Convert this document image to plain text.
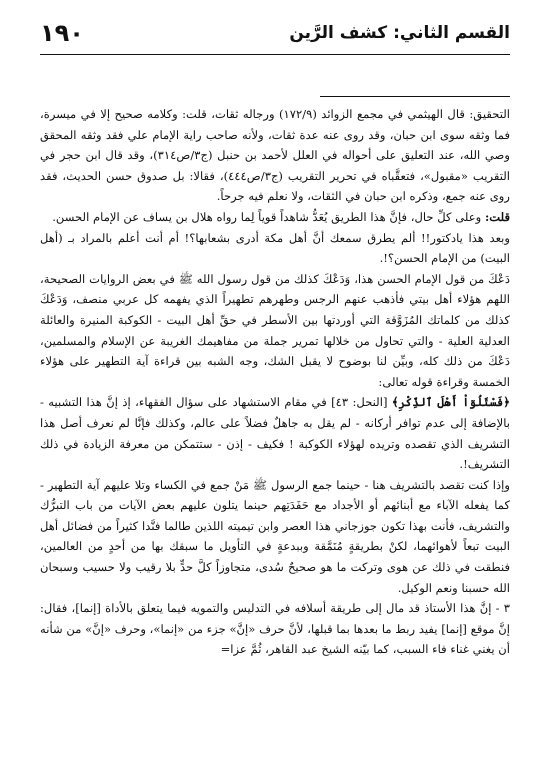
١٩٠	القسم الثاني: كشف الرَّين

التحقيق: قال الهيثمي في مجمع الزوائد (١٧٢/٩) ورجاله ثقات، قلت: وكلامه صحيح إلا في ميسرة، فما وثقه سوى ابن حبان، وقد روى عنه عدة ثقات، ولأنه صاحب راية الإمام علي فقد وثقه المحقق وصي الله، عند التعليق على أحواله في العلل لأحمد بن حنبل (ج٣/ص٣١٤)، وقد قال ابن حجر في التقريب «مقبول»، فتعقَّباه في تحرير التقريب (ج٣/ص٤٤٤)، فقالا: بل صدوق حسن الحديث، فقد روى عنه جمع، وذكره ابن حبان في الثقات، ولا نعلم فيه جرحاً.

قلت: وعلى كلِّ حال، فإنَّ هذا الطريق يُعَدُّ شاهداً قوياً لِما رواه هلال بن يساف عن الإمام الحسن.

وبعد هذا يادكتور!! ألم يطرق سمعك أنَّ أهل مكة أدرى بشعابها؟! أم أنت أعلم بالمراد بـ (أهل البيت) من الإمام الحسن؟!.

دَعْكَ من قول الإمام الحسن هذا، وَدَعْكَ كذلك من قول رسول الله ﷺ في بعض الروايات الصحيحة، اللهم هؤلاء أهل بيتي فأذهب عنهم الرجس وطهرهم تطهيراً الذي يفهمه كل عربي منصف، وَدَعْكَ كذلك من كلماتك المُزَوَّقة التي أوردتها بين الأسطر في حقِّ أهل البيت - الكوكبة المنيرة والعائلة العدلية العلية - والتي تحاول من خلالها تمرير جملة من مفاهيمك الغريبة عن الإسلام والمسلمين، دَعْكَ من ذلك كله، وبيِّن لنا بوضوح لا يقبل الشك، وجه الشبه بين قراءة آية التطهير على هؤلاء الخمسة وقراءة قوله تعالى:

﴿فَسْئَلُوٓاْ أَهْلَ ٱلذِّكْرِ﴾ [النحل: ٤٣] في مقام الاستشهاد على سؤال الفقهاء، إذ إنَّ هذا التشبيه - بالإضافة إلى عدم توافر أركانه - لم يقل به جاهلٌ فضلاً على عالم، وكذلك فإنَّا لم نعرف أصل هذا التشريف الذي تقصده وتريده لهؤلاء الكوكبة ! فكيف - إذن - ستتمكن من معرفة الزيادة في ذلك التشريف!.

وإذا كنت تقصد بالتشريف هنا - حينما جمع الرسول ﷺ مَنْ جمع في الكساء وتلا عليهم آية التطهير - كما يفعله الآباء مع أبنائهم أو الأجداد مع حَفَدَتِهم حينما يتلون عليهم بعض الآيات من باب التبرُّك والتشريف، فأنت بهذا تكون جوزجاني هذا العصر وابن تيميته اللذين طالما فنَّدا كثيراً من فضائل أهل البيت تبعاً لأهوائهما، لكنْ بطريقةٍ مُنَمَّقة وببدعةٍ في التأويل ما سبقك بها من أحدٍ من العالمين، فنطقت في ذلك عن هوى وتركت ما هو صحيحٌ سُدى، متجاوزاً كلَّ حدٍّ بلا رقيب ولا حسيب وسبحان الله حسبنا ونعم الوكيل.

٣ - إنَّ هذا الأستاذ قد مال إلى طريقة أسلافه في التدليس والتمويه فيما يتعلق بالأداة [إنما]، فقال: إنَّ موقع [إنما] يفيد ربط ما بعدها بما قبلها، لأنَّ حرف «إنَّ» جزء من «إنما»، وحرف «إنَّ» من شأنه أن يغني غناء فاء السبب، كما بيّنه الشيخ عبد القاهر، ثُمَّ عزا=
